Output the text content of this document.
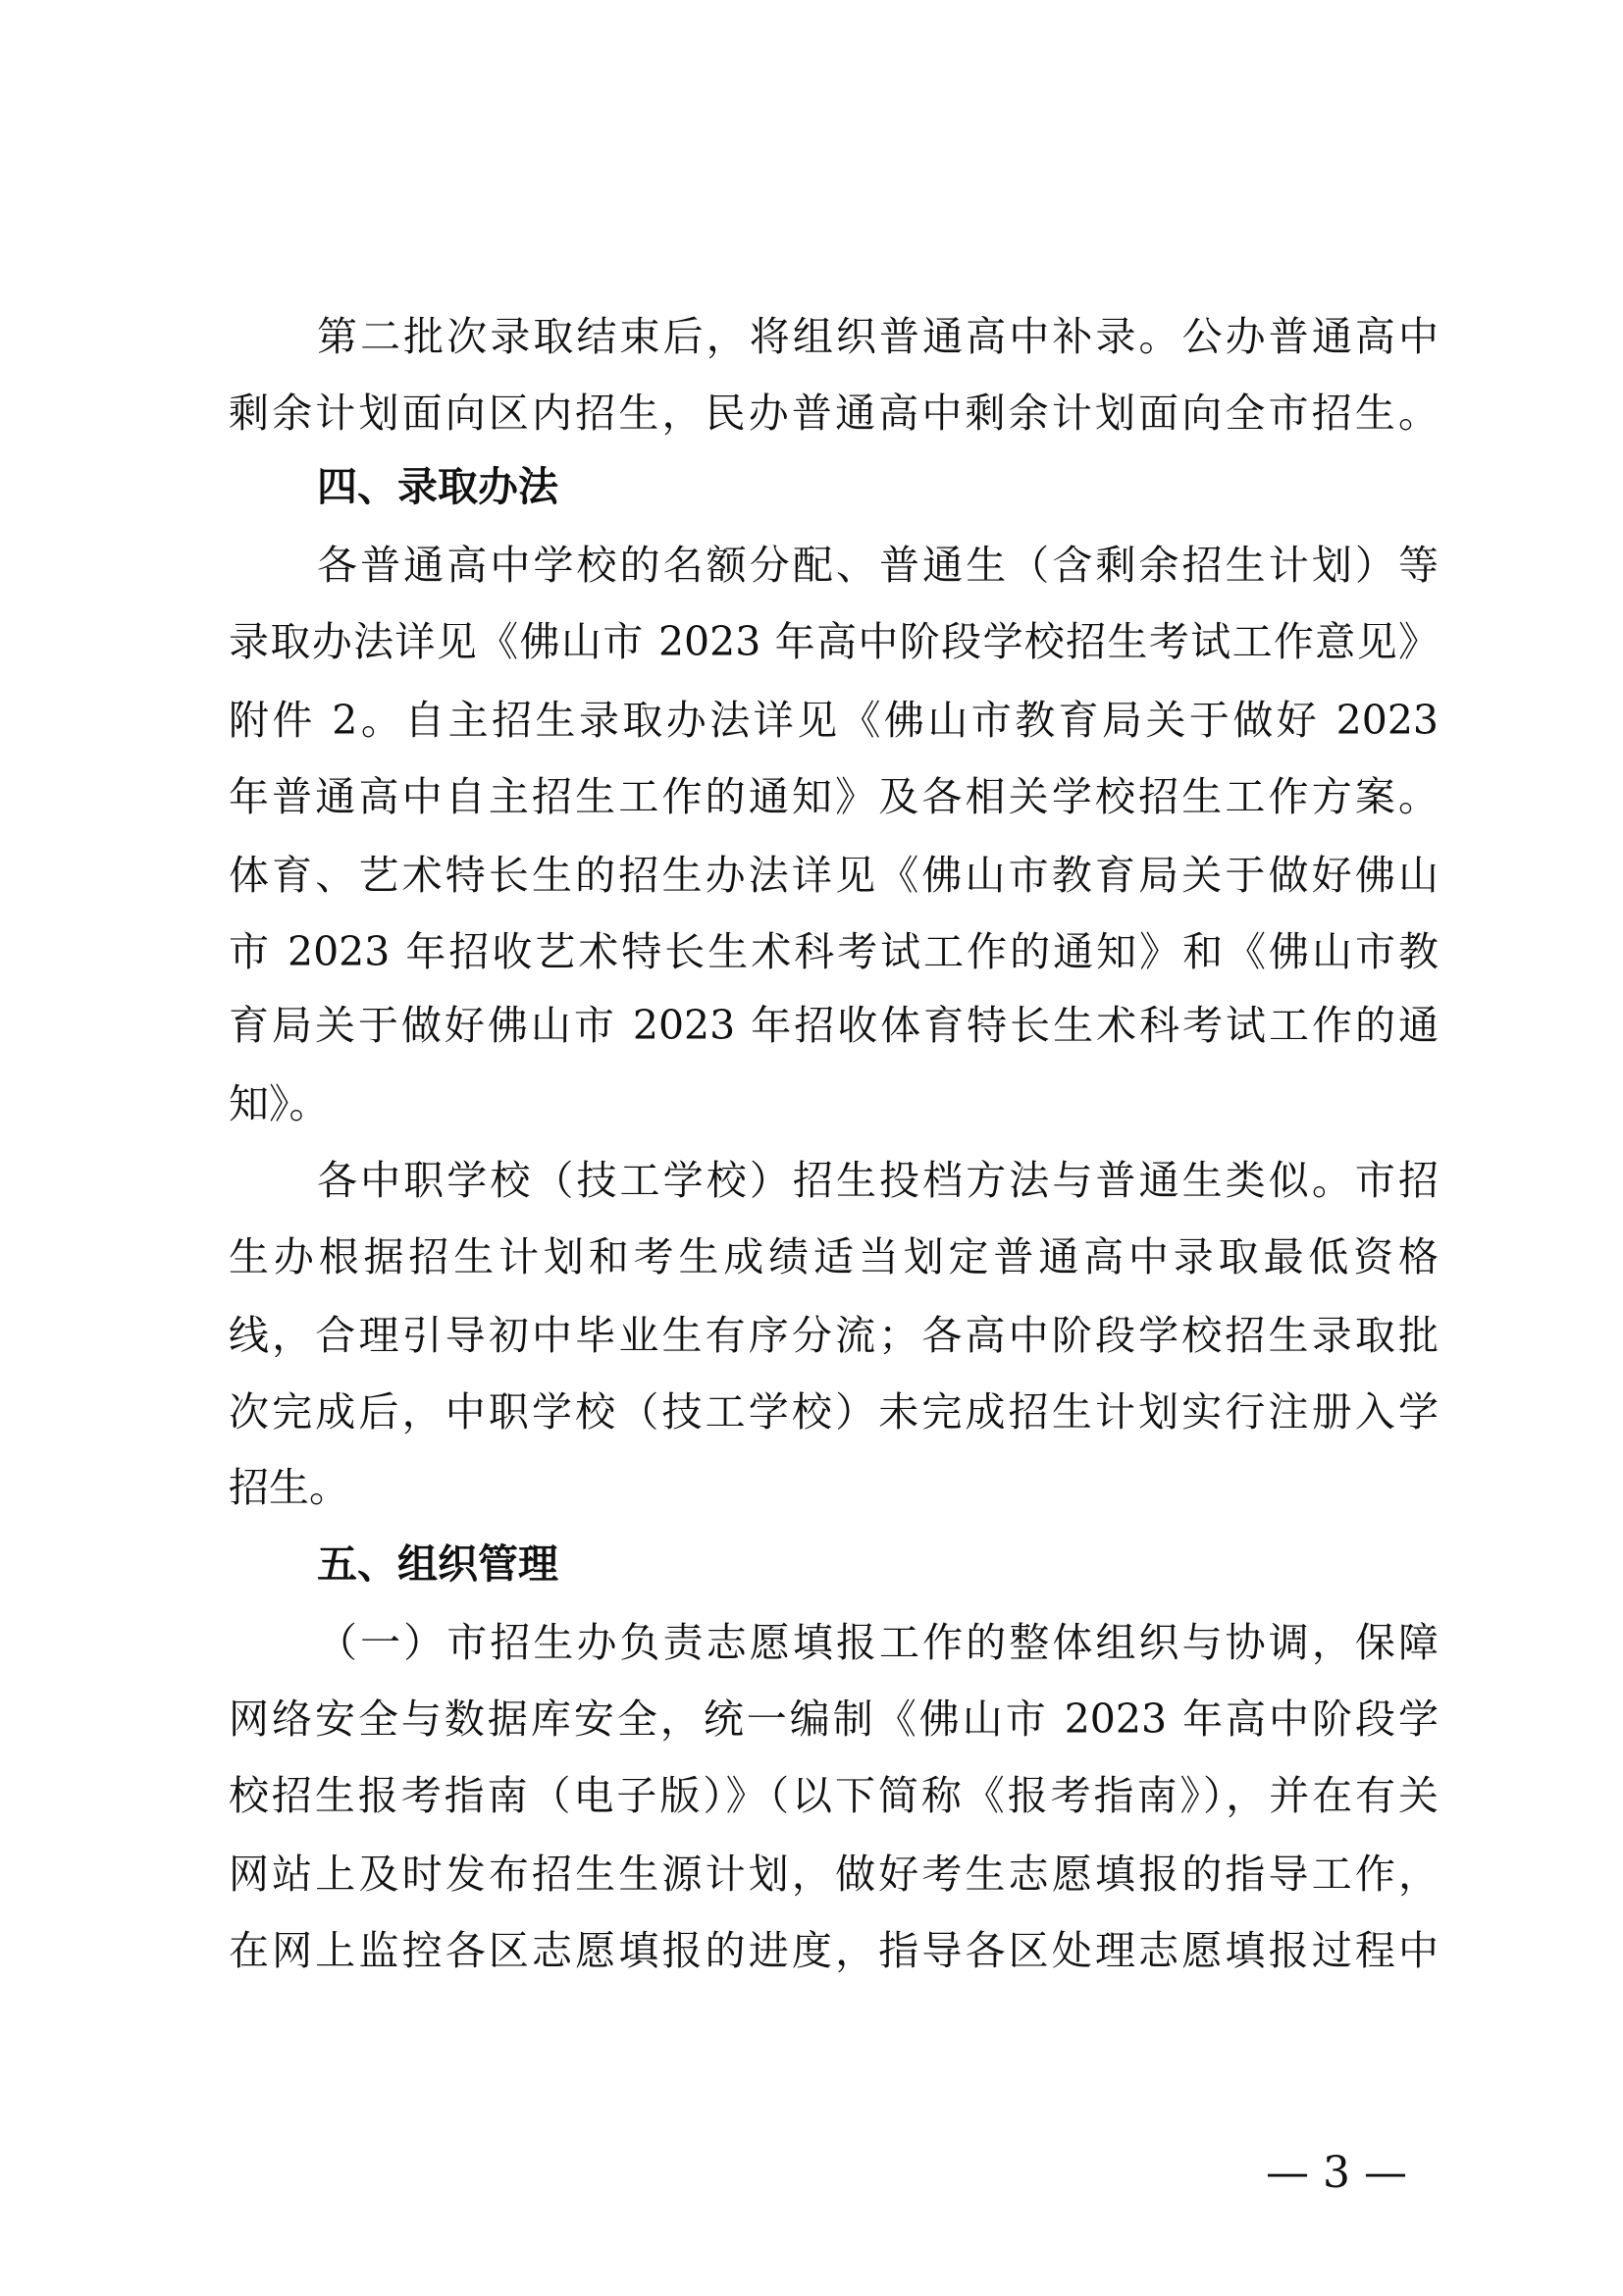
第二批次录取结束后，将组织普通高中补录。公办普通高中
剩余计划面向区内招生，民办普通高中剩余计划面向全市招生。
四、录取办法
各普通高中学校的名额分配、普通生（含剩余招生计划）等
录取办法详见《佛山市 2023 年高中阶段学校招生考试工作意见》
附件 2。自主招生录取办法详见《佛山市教育局关于做好 2023
年普通高中自主招生工作的通知》及各相关学校招生工作方案。
体育、艺术特长生的招生办法详见《佛山市教育局关于做好佛山
市 2023 年招收艺术特长生术科考试工作的通知》和《佛山市教
育局关于做好佛山市 2023 年招收体育特长生术科考试工作的通
知》。
各中职学校（技工学校）招生投档方法与普通生类似。市招
生办根据招生计划和考生成绩适当划定普通高中录取最低资格
线，合理引导初中毕业生有序分流；各高中阶段学校招生录取批
次完成后，中职学校（技工学校）未完成招生计划实行注册入学
招生。
五、组织管理
（一）市招生办负责志愿填报工作的整体组织与协调，保障
网络安全与数据库安全，统一编制《佛山市 2023 年高中阶段学
校招生报考指南（电子版）》（以下简称《报考指南》），并在有关
网站上及时发布招生生源计划，做好考生志愿填报的指导工作，
在网上监控各区志愿填报的进度，指导各区处理志愿填报过程中
— 3 —
